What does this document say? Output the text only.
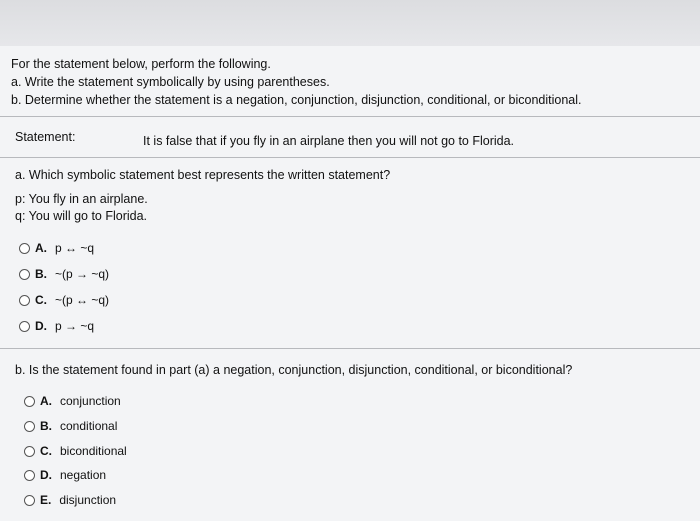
For the statement below, perform the following.
a. Write the statement symbolically by using parentheses.
b. Determine whether the statement is a negation, conjunction, disjunction, conditional, or biconditional.
Statement:	It is false that if you fly in an airplane then you will not go to Florida.
a. Which symbolic statement best represents the written statement?
p: You fly in an airplane.
q: You will go to Florida.
A. p ↔ ~q
B. ~(p → ~q)
C. ~(p ↔ ~q)
D. p → ~q
b. Is the statement found in part (a) a negation, conjunction, disjunction, conditional, or biconditional?
A. conjunction
B. conditional
C. biconditional
D. negation
E. disjunction
